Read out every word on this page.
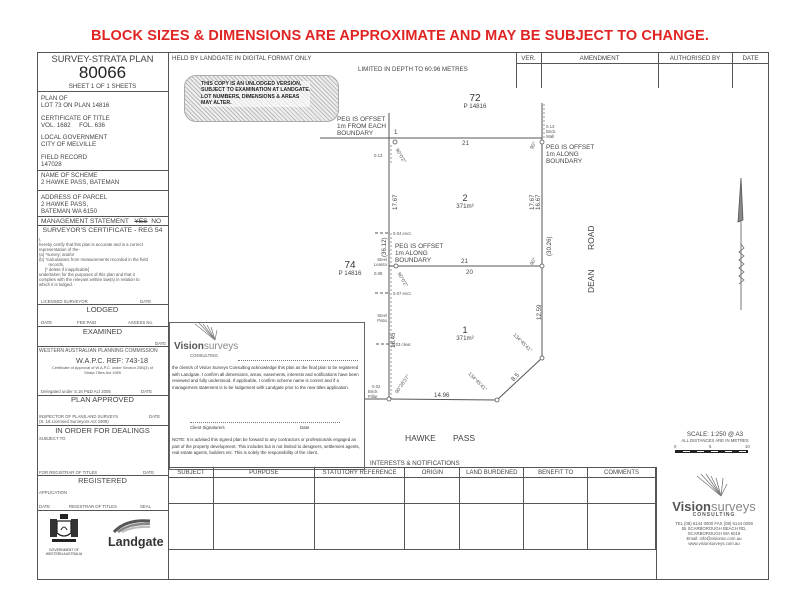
BLOCK SIZES & DIMENSIONS ARE APPROXIMATE AND MAY BE SUBJECT TO CHANGE.
SURVEY-STRATA PLAN
80066
SHEET 1 OF 1 SHEETS
PLAN OF
LOT 73 ON PLAN 14816
CERTIFICATE OF TITLE
VOL. 1682     FOL. 636
LOCAL GOVERNMENT
CITY OF MELVILLE
FIELD RECORD
147028
NAME OF SCHEME
2 HAWKE PASS, BATEMAN
ADDRESS OF PARCEL
2 HAWKE PASS,
BATEMAN WA 6150
MANAGEMENT STATEMENT YES NO
SURVEYOR'S CERTIFICATE - REG 54
I,
hereby certify that this plan is accurate and is a correct
representation of the-
(a) *survey; and/or
(b) *calculations from measurements recorded in the field
records,
[* delete if inapplicable]
undertaken for the purposes of this plan and that it
complies with the relevant written law(s) in relation to
which it is lodged.
LICENSED SURVEYOR	DATE
LODGED
DATE	FEE PAID	ASSESS No.
EXAMINED
DATE
WESTERN AUSTRALIAN PLANNING COMMISSION
W.A.P.C. REF: 743-18
Certificate of Approval of W.A.P.C. under Section 25B(3) of
Strata Titles Act 1985
Delegated under S.16 P&D Act 2005	DATE
PLAN APPROVED
INSPECTOR OF PLANS AND SURVEYS
(S. 18 Licensed Surveyors Act 1909)
DATE
IN ORDER FOR DEALINGS
SUBJECT TO
FOR REGISTRAR OF TITLES	DATE
REGISTERED
APPLICATION
DATE	REGISTRAR OF TITLES	SEAL
GOVERNMENT OF
WESTERN AUSTRALIA
Landgate
HELD BY LANDGATE IN DIGITAL FORMAT ONLY
THIS COPY IS AN UNLODGED VERSION,
SUBJECT TO EXAMINATION AT LANDGATE.
LOT NUMBERS, DIMENSIONS & AREAS
MAY ALTER.
LIMITED IN DEPTH TO 60.96 METRES
VER.	AMENDMENT	AUTHORISED BY	DATE
72
P 14816
74
P 14816
2
371m²
1
371m²
PEG IS OFFSET
1m FROM EACH
BOUNDARY
PEG IS OFFSET
1m ALONG
BOUNDARY
PEG IS OFFSET
1m ALONG
BOUNDARY
21
1
21
20
17.67	17.67 16.67
(36.12)	(30.26)
18.45
12.59
14.96
8.5
90°0'2"
90°0'2"
90°28'37"
134°45'41"
134°45'41"
90°
90°
0.04 encr.
0.07 encr.
0.03 clear
0.13
0.08
0.02
0.13
Brick Wall
Steel Leanto
Steel Patio
Brick Pillar
DEAN
ROAD
HAWKE PASS	SCALE: 1:250 @ A3
ALL DISTANCES ARE IN METRES
0	5	10
Visionsurveys
CONSULTING
the client/s of Vision Surveys Consulting acknowledge this plan as the final plan to be registered with Landgate. I confirm all dimensions, areas, easements, interests and notifications have been reviewed and fully understood. If applicable, I confirm scheme name is correct and if a management statement is to be lodgement with Landgate prior to the new titles application.
Client Signature/s	Date
NOTE: It is advised this signed plan be forward to any contractors or professionals engaged as part of the property development. This includes but is not limited to designers, settlement agents, real estate agents, builders etc. This is solely the responsibility of the client.
INTERESTS & NOTIFICATIONS
SUBJECT	PURPOSE	STATUTORY REFERENCE	ORIGIN	LAND BURDENED	BENEFIT TO	COMMENTS

Visionsurveys
CONSULTING
TEL (08) 6144 0000 FAX (08) 6144 0059
55 SCARBOROUGH BEACH RD,
SCARBOROUGH WA 6019
Email: info@visionsc.com.au
www.visionsurveys.com.au
